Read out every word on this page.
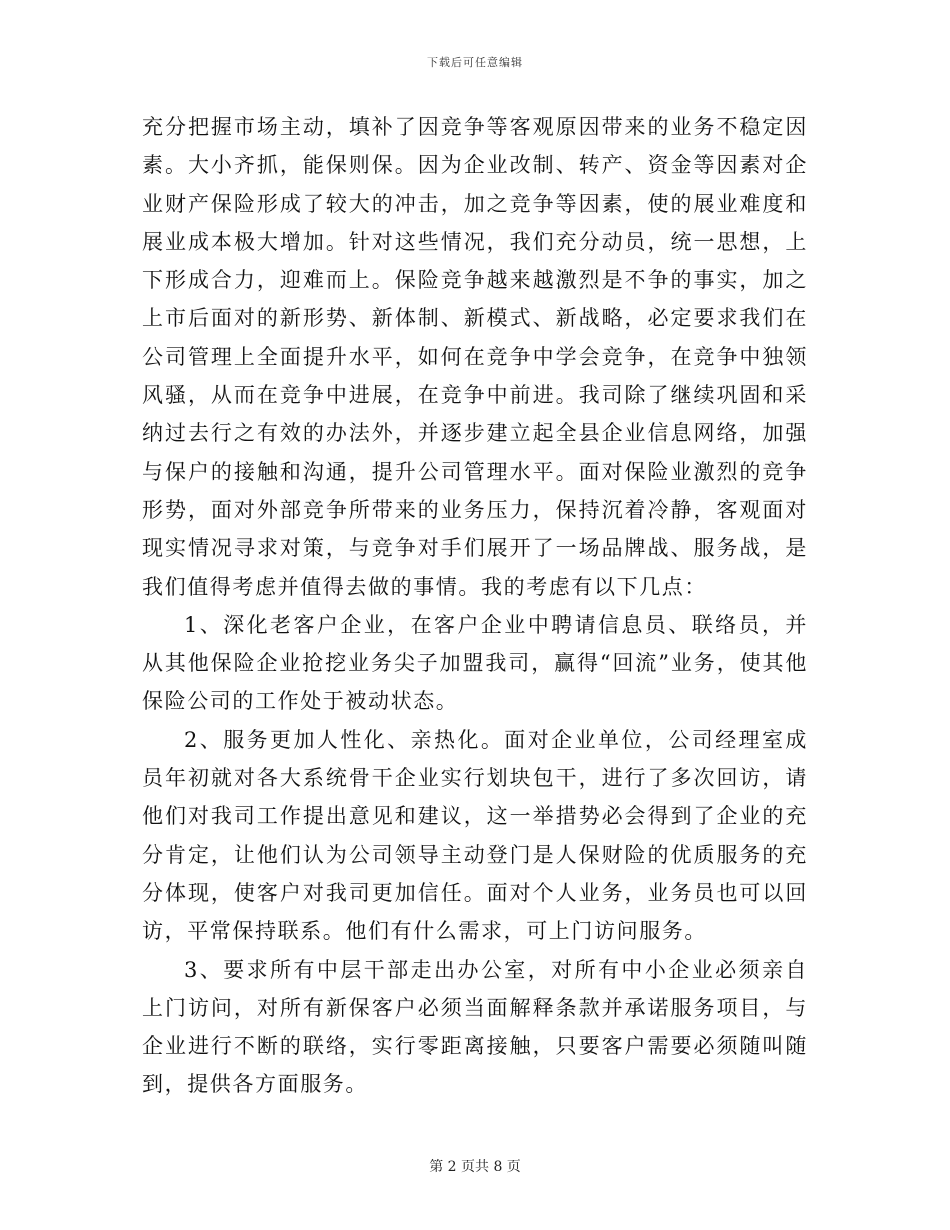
下载后可任意编辑

充分把握市场主动，填补了因竞争等客观原因带来的业务不稳定因素。大小齐抓，能保则保。因为企业改制、转产、资金等因素对企业财产保险形成了较大的冲击，加之竞争等因素，使的展业难度和展业成本极大增加。针对这些情况，我们充分动员，统一思想，上下形成合力，迎难而上。保险竞争越来越激烈是不争的事实，加之上市后面对的新形势、新体制、新模式、新战略，必定要求我们在公司管理上全面提升水平，如何在竞争中学会竞争，在竞争中独领风骚，从而在竞争中进展，在竞争中前进。我司除了继续巩固和采纳过去行之有效的办法外，并逐步建立起全县企业信息网络，加强与保户的接触和沟通，提升公司管理水平。面对保险业激烈的竞争形势，面对外部竞争所带来的业务压力，保持沉着冷静，客观面对现实情况寻求对策，与竞争对手们展开了一场品牌战、服务战，是我们值得考虑并值得去做的事情。我的考虑有以下几点：

1、深化老客户企业，在客户企业中聘请信息员、联络员，并从其他保险企业抢挖业务尖子加盟我司，赢得“回流”业务，使其他保险公司的工作处于被动状态。

2、服务更加人性化、亲热化。面对企业单位，公司经理室成员年初就对各大系统骨干企业实行划块包干，进行了多次回访，请他们对我司工作提出意见和建议，这一举措势必会得到了企业的充分肯定，让他们认为公司领导主动登门是人保财险的优质服务的充分体现，使客户对我司更加信任。面对个人业务，业务员也可以回访，平常保持联系。他们有什么需求，可上门访问服务。

3、要求所有中层干部走出办公室，对所有中小企业必须亲自上门访问，对所有新保客户必须当面解释条款并承诺服务项目，与企业进行不断的联络，实行零距离接触，只要客户需要必须随叫随到，提供各方面服务。

第 2 页共 8 页
